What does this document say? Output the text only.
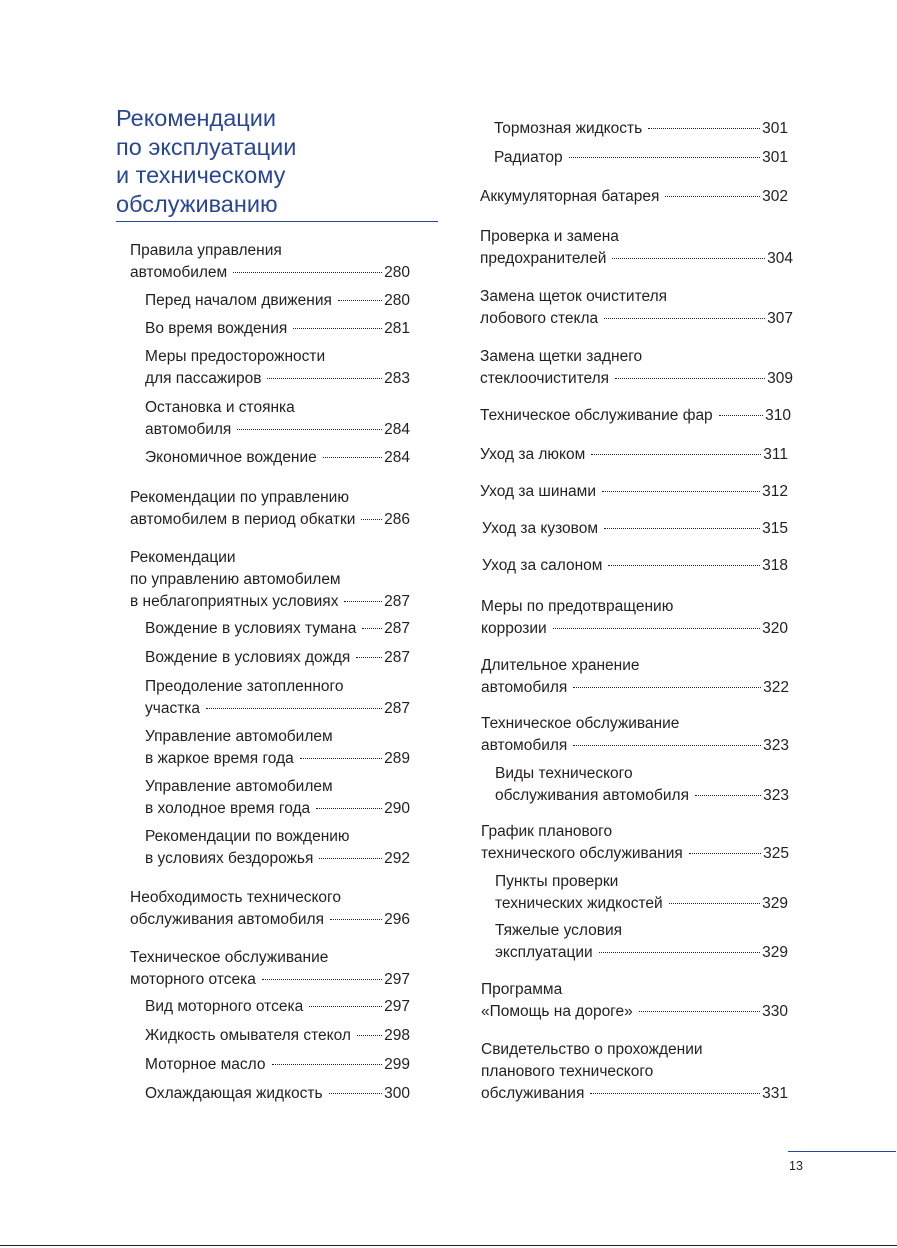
Рекомендации
по эксплуатации
и техническому
обслуживанию
Правила управления
автомобилем	280
Перед началом движения	280
Во время вождения	281
Меры предосторожности
для пассажиров	283
Остановка и стоянка
автомобиля	284
Экономичное вождение	284
Рекомендации по управлению
автомобилем в период обкатки 286
Рекомендации
по управлению автомобилем
в неблагоприятных условиях	287
Вождение в условиях тумана 287
Вождение в условиях дождя 287
Преодоление затопленного
участка	287
Управление автомобилем
в жаркое время года	289
Управление автомобилем
в холодное время года	290
Рекомендации по вождению
в условиях бездорожья	292
Необходимость технического
обслуживания автомобиля	296
Техническое обслуживание
моторного отсека	297
Вид моторного отсека	297
Жидкость омывателя стекол 298
Моторное масло	299
Охлаждающая жидкость	300
Тормозная жидкость	301
Радиатор	301
Аккумуляторная батарея	302
Проверка и замена
предохранителей	304
Замена щеток очистителя
лобового стекла	307
Замена щетки заднего
стеклоочистителя	309
Техническое обслуживание фар	310
Уход за люком	311
Уход за шинами	312
Уход за кузовом	315
Уход за салоном	318
Меры по предотвращению
коррозии	320
Длительное хранение
автомобиля	322
Техническое обслуживание
автомобиля	323
Виды технического
обслуживания автомобиля	323
График планового
технического обслуживания	325
Пункты проверки
технических жидкостей	329
Тяжелые условия
эксплуатации	329
Программа
«Помощь на дороге»	330
Свидетельство о прохождении
планового технического
обслуживания	331
13
